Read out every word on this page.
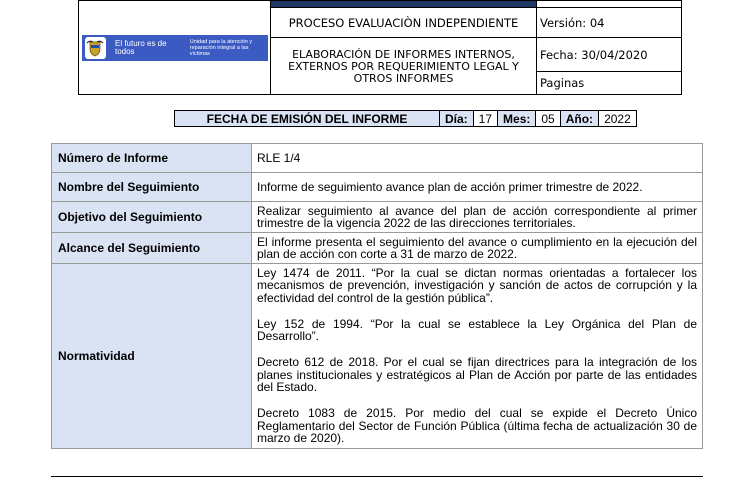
El futuro es de todos
Unidad para la atención y reparación integral a las víctimas		

	PROCESO EVALUACIÒN INDEPENDIENTE	Versión: 04
	ELABORACIÓN DE INFORMES INTERNOS, EXTERNOS POR REQUERIMIENTO LEGAL Y OTROS INFORMES	Fecha: 30/04/2020
		Paginas
FECHA DE EMISIÓN DEL INFORME	Día:	17	Mes:	05	Año:	2022
Número de Informe	RLE 1/4
Nombre del Seguimiento	Informe de seguimiento avance plan de acción primer trimestre de 2022.
Objetivo del Seguimiento	Realizar seguimiento al avance del plan de acción correspondiente al primer trimestre de la vigencia 2022 de las direcciones territoriales.
Alcance del Seguimiento	El informe presenta el seguimiento del avance o cumplimiento en la ejecución del plan de acción con corte a 31 de marzo de 2022.
Normatividad	Ley 1474 de 2011. “Por la cual se dictan normas orientadas a fortalecer los mecanismos de prevención, investigación y sanción de actos de corrupción y la efectividad del control de la gestión pública”.

Ley 152 de 1994. “Por la cual se establece la Ley Orgánica del Plan de Desarrollo”.

Decreto 612 de 2018. Por el cual se fijan directrices para la integración de los planes institucionales y estratégicos al Plan de Acción por parte de las entidades del Estado.

Decreto 1083 de 2015. Por medio del cual se expide el Decreto Único Reglamentario del Sector de Función Pública (última fecha de actualización 30 de marzo de 2020).
